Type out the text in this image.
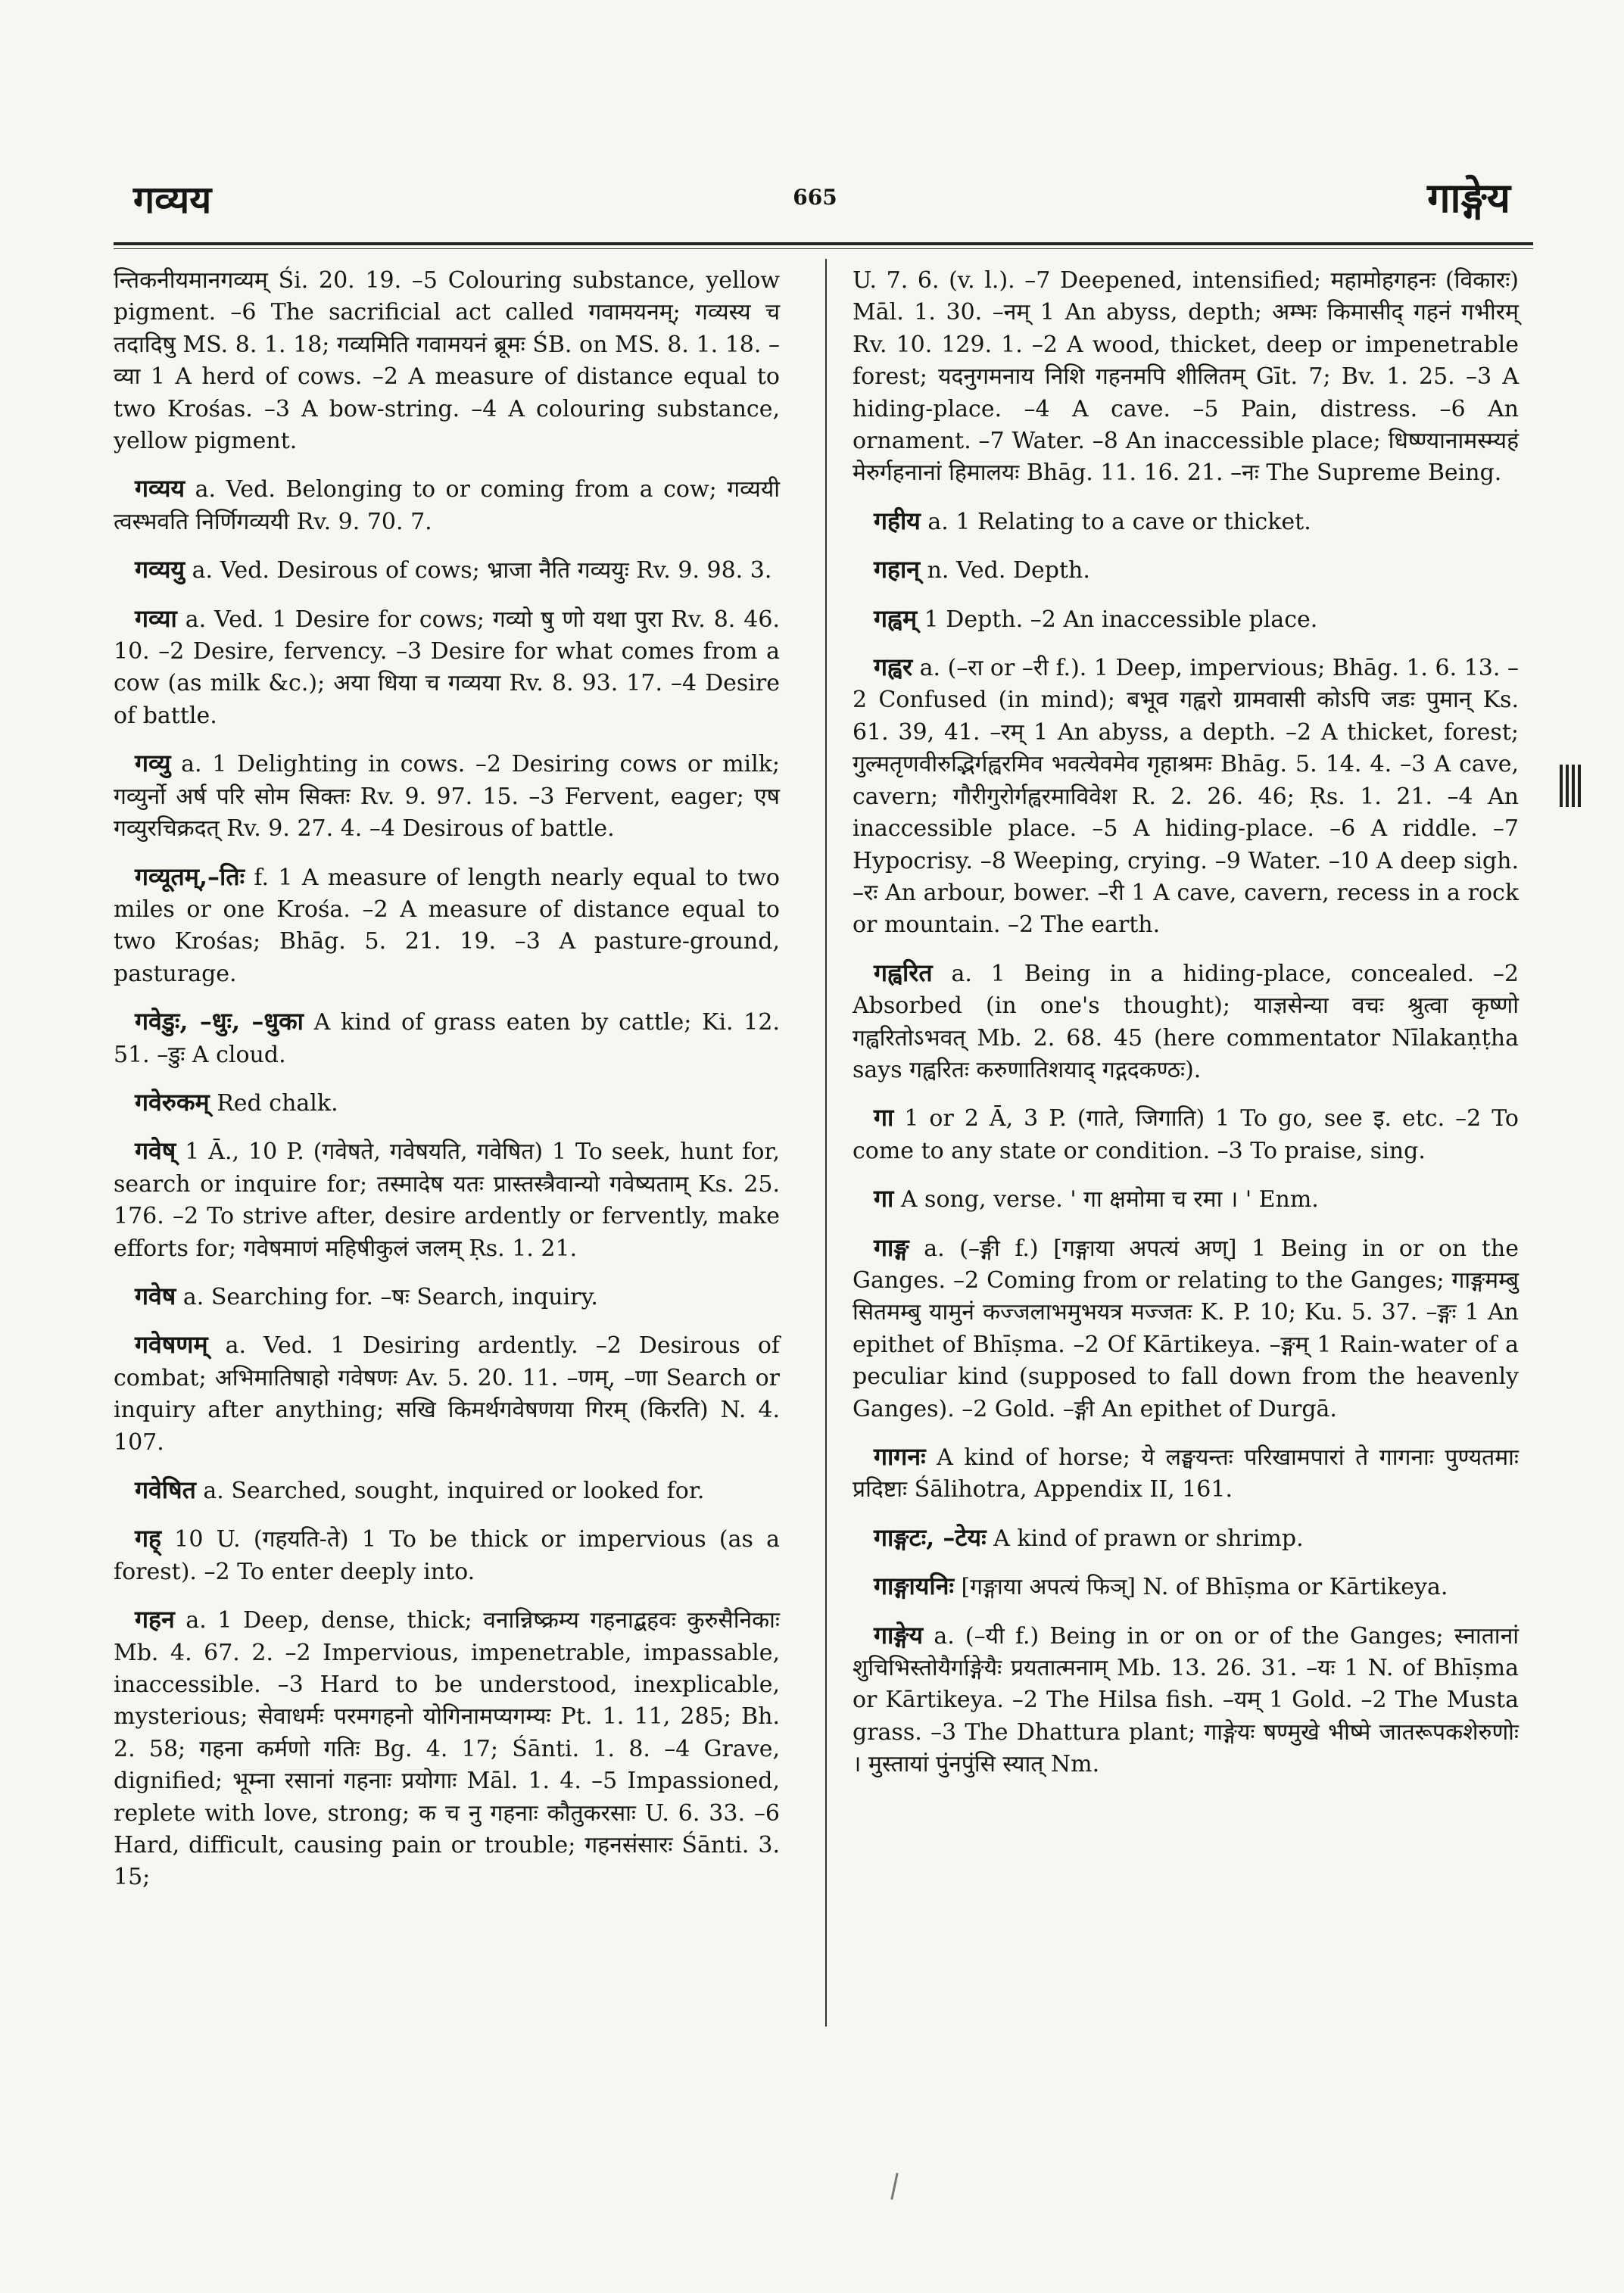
गव्यय	665	गाङ्गेय

न्तिकनीयमानगव्यम् Śi. 20. 19. –5 Colouring substance, yellow pigment. –6 The sacrificial act called गवामयनम्; गव्यस्य च तदादिषु MS. 8. 1. 18; गव्यमिति गवामयनं ब्रूमः ŚB. on MS. 8. 1. 18. –व्या 1 A herd of cows. –2 A measure of distance equal to two Krośas. –3 A bow-string. –4 A colouring substance, yellow pigment.

गव्यय a. Ved. Belonging to or coming from a cow; गव्ययी त्वस्भवति निर्णिगव्ययी Rv. 9. 70. 7.

गव्ययु a. Ved. Desirous of cows; भ्राजा नैति गव्ययुः Rv. 9. 98. 3.

गव्या a. Ved. 1 Desire for cows; गव्यो षु णो यथा पुरा Rv. 8. 46. 10. –2 Desire, fervency. –3 Desire for what comes from a cow (as milk &c.); अया धिया च गव्यया Rv. 8. 93. 17. –4 Desire of battle.

गव्यु a. 1 Delighting in cows. –2 Desiring cows or milk; गव्युर्नो अर्ष परि सोम सिक्तः Rv. 9. 97. 15. –3 Fervent, eager; एष गव्युरचिक्रदत् Rv. 9. 27. 4. –4 Desirous of battle.

गव्यूतम्,–तिः f. 1 A measure of length nearly equal to two miles or one Krośa. –2 A measure of distance equal to two Krośas; Bhāg. 5. 21. 19. –3 A pasture-ground, pasturage.

गवेडुः, –धुः, –धुका A kind of grass eaten by cattle; Ki. 12. 51. –डुः A cloud.

गवेरुकम् Red chalk.

गवेष् 1 Ā., 10 P. (गवेषते, गवेषयति, गवेषित) 1 To seek, hunt for, search or inquire for; तस्मादेष यतः प्रास्तस्त्रैवान्यो गवेष्यताम् Ks. 25. 176. –2 To strive after, desire ardently or fervently, make efforts for; गवेषमाणं महिषीकुलं जलम् Ṛs. 1. 21.

गवेष a. Searching for. –षः Search, inquiry.

गवेषणम् a. Ved. 1 Desiring ardently. –2 Desirous of combat; अभिमातिषाहो गवेषणः Av. 5. 20. 11. –णम्, –णा Search or inquiry after anything; सखि किमर्थगवेषणया गिरम् (किरति) N. 4. 107.

गवेषित a. Searched, sought, inquired or looked for.

गह् 10 U. (गहयति-ते) 1 To be thick or impervious (as a forest). –2 To enter deeply into.

गहन a. 1 Deep, dense, thick; वनान्निष्क्रम्य गहनाद्बहवः कुरुसैनिकाः Mb. 4. 67. 2. –2 Impervious, impenetrable, impassable, inaccessible. –3 Hard to be understood, inexplicable, mysterious; सेवाधर्मः परमगहनो योगिनामप्यगम्यः Pt. 1. 11, 285; Bh. 2. 58; गहना कर्मणो गतिः Bg. 4. 17; Śānti. 1. 8. –4 Grave, dignified; भूम्ना रसानां गहनाः प्रयोगाः Māl. 1. 4. –5 Impassioned, replete with love, strong; क च नु गहनाः कौतुकरसाः U. 6. 33. –6 Hard, difficult, causing pain or trouble; गहनसंसारः Śānti. 3. 15;

U. 7. 6. (v. l.). –7 Deepened, intensified; महामोहगहनः (विकारः) Māl. 1. 30. –नम् 1 An abyss, depth; अम्भः किमासीद् गहनं गभीरम् Rv. 10. 129. 1. –2 A wood, thicket, deep or impenetrable forest; यदनुगमनाय निशि गहनमपि शीलितम् Gīt. 7; Bv. 1. 25. –3 A hiding-place. –4 A cave. –5 Pain, distress. –6 An ornament. –7 Water. –8 An inaccessible place; धिष्ण्यानामस्म्यहं मेरुर्गहनानां हिमालयः Bhāg. 11. 16. 21. –नः The Supreme Being.

गहीय a. 1 Relating to a cave or thicket.

गहान् n. Ved. Depth.

गह्वम् 1 Depth. –2 An inaccessible place.

गह्वर a. (–रा or –री f.). 1 Deep, impervious; Bhāg. 1. 6. 13. –2 Confused (in mind); बभूव गह्वरो ग्रामवासी कोऽपि जडः पुमान् Ks. 61. 39, 41. –रम् 1 An abyss, a depth. –2 A thicket, forest; गुल्मतृणवीरुद्भिर्गह्वरमिव भवत्येवमेव गृहाश्रमः Bhāg. 5. 14. 4. –3 A cave, cavern; गौरीगुरोर्गह्वरमाविवेश R. 2. 26. 46; Ṛs. 1. 21. –4 An inaccessible place. –5 A hiding-place. –6 A riddle. –7 Hypocrisy. –8 Weeping, crying. –9 Water. –10 A deep sigh. –रः An arbour, bower. –री 1 A cave, cavern, recess in a rock or mountain. –2 The earth.

गह्वरित a. 1 Being in a hiding-place, concealed. –2 Absorbed (in one's thought); याज्ञसेन्या वचः श्रुत्वा कृष्णो गह्वरितोऽभवत् Mb. 2. 68. 45 (here commentator Nīlakaṇṭha says गह्वरितः करुणातिशयाद् गद्गदकण्ठः).

गा 1 or 2 Ā, 3 P. (गाते, जिगाति) 1 To go, see इ. etc. –2 To come to any state or condition. –3 To praise, sing.

गा A song, verse. ' गा क्षमोमा च रमा । ' Enm.

गाङ्ग a. (–ङ्गी f.) [गङ्गाया अपत्यं अण्] 1 Being in or on the Ganges. –2 Coming from or relating to the Ganges; गाङ्गमम्बु सितमम्बु यामुनं कज्जलाभमुभयत्र मज्जतः K. P. 10; Ku. 5. 37. –ङ्गः 1 An epithet of Bhīṣma. –2 Of Kārtikeya. –ङ्गम् 1 Rain-water of a peculiar kind (supposed to fall down from the heavenly Ganges). –2 Gold. –ङ्गी An epithet of Durgā.

गागनः A kind of horse; ये लङ्घयन्तः परिखामपारां ते गागनाः पुण्यतमाः प्रदिष्टाः Śālihotra, Appendix II, 161.

गाङ्गटः, –टेयः A kind of prawn or shrimp.

गाङ्गायनिः [गङ्गाया अपत्यं फिञ्] N. of Bhīṣma or Kārtikeya.

गाङ्गेय a. (–यी f.) Being in or on or of the Ganges; स्नातानां शुचिभिस्तोयैर्गाङ्गेयैः प्रयतात्मनाम् Mb. 13. 26. 31. –यः 1 N. of Bhīṣma or Kārtikeya. –2 The Hilsa fish. –यम् 1 Gold. –2 The Musta grass. –3 The Dhattura plant; गाङ्गेयः षण्मुखे भीष्मे जातरूपकशेरुणोः । मुस्तायां पुंनपुंसि स्यात् Nm.
